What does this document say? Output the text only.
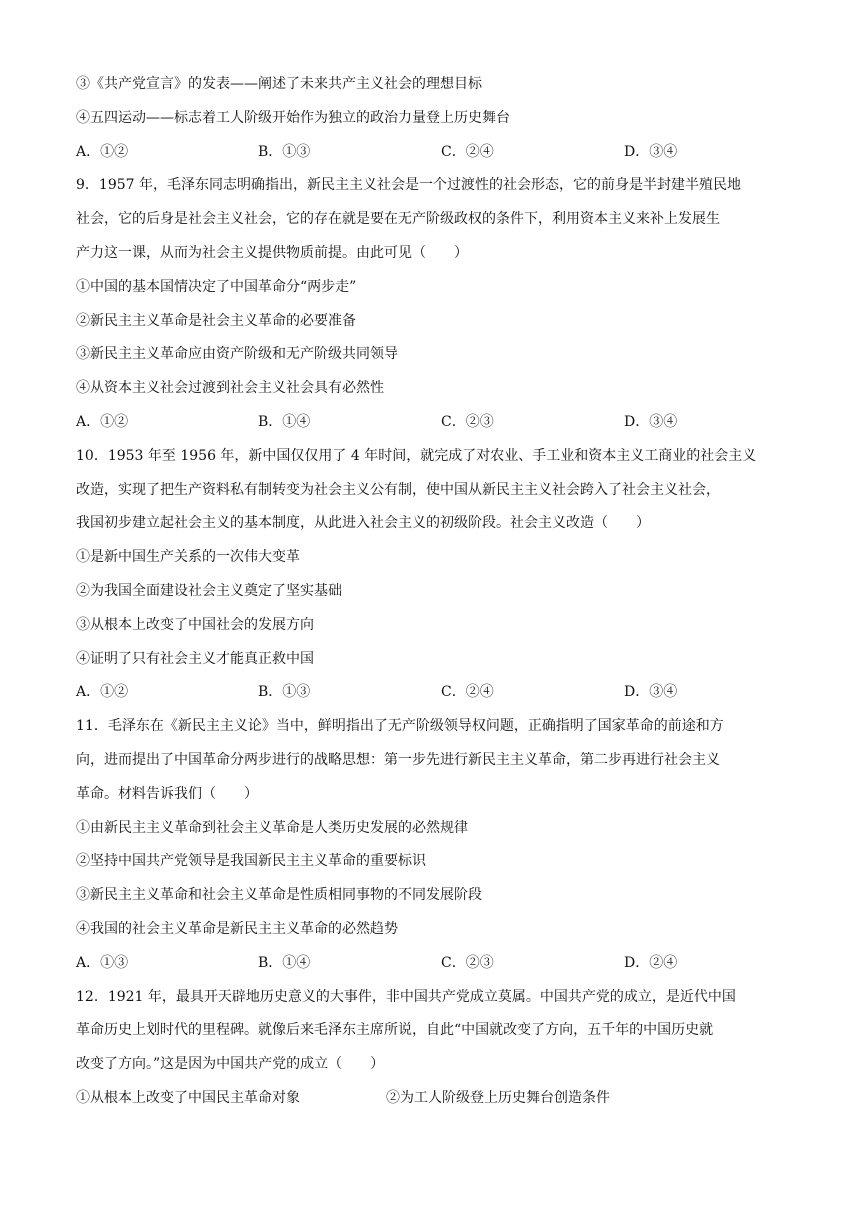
③《共产党宣言》的发表——阐述了未来共产主义社会的理想目标
④五四运动——标志着工人阶级开始作为独立的政治力量登上历史舞台
A．①②	B．①③	C．②④	D．③④
9．1957 年，毛泽东同志明确指出，新民主主义社会是一个过渡性的社会形态，它的前身是半封建半殖民地
社会，它的后身是社会主义社会，它的存在就是要在无产阶级政权的条件下，利用资本主义来补上发展生
产力这一课，从而为社会主义提供物质前提。由此可见（　　）
①中国的基本国情决定了中国革命分“两步走”
②新民主主义革命是社会主义革命的必要准备
③新民主主义革命应由资产阶级和无产阶级共同领导
④从资本主义社会过渡到社会主义社会具有必然性
A．①②	B．①④	C．②③	D．③④
10．1953 年至 1956 年，新中国仅仅用了 4 年时间，就完成了对农业、手工业和资本主义工商业的社会主义
改造，实现了把生产资料私有制转变为社会主义公有制，使中国从新民主主义社会跨入了社会主义社会，
我国初步建立起社会主义的基本制度，从此进入社会主义的初级阶段。社会主义改造（　　）
①是新中国生产关系的一次伟大变革
②为我国全面建设社会主义奠定了坚实基础
③从根本上改变了中国社会的发展方向
④证明了只有社会主义才能真正救中国
A．①②	B．①③	C．②④	D．③④
11．毛泽东在《新民主主义论》当中，鲜明指出了无产阶级领导权问题，正确指明了国家革命的前途和方
向，进而提出了中国革命分两步进行的战略思想：第一步先进行新民主主义革命，第二步再进行社会主义
革命。材料告诉我们（　　）
①由新民主主义革命到社会主义革命是人类历史发展的必然规律
②坚持中国共产党领导是我国新民主主义革命的重要标识
③新民主主义革命和社会主义革命是性质相同事物的不同发展阶段
④我国的社会主义革命是新民主主义革命的必然趋势
A．①③	B．①④	C．②③	D．②④
12．1921 年，最具开天辟地历史意义的大事件，非中国共产党成立莫属。中国共产党的成立，是近代中国
革命历史上划时代的里程碑。就像后来毛泽东主席所说，自此“中国就改变了方向，五千年的中国历史就
改变了方向。”这是因为中国共产党的成立（　　）
①从根本上改变了中国民主革命对象	②为工人阶级登上历史舞台创造条件
